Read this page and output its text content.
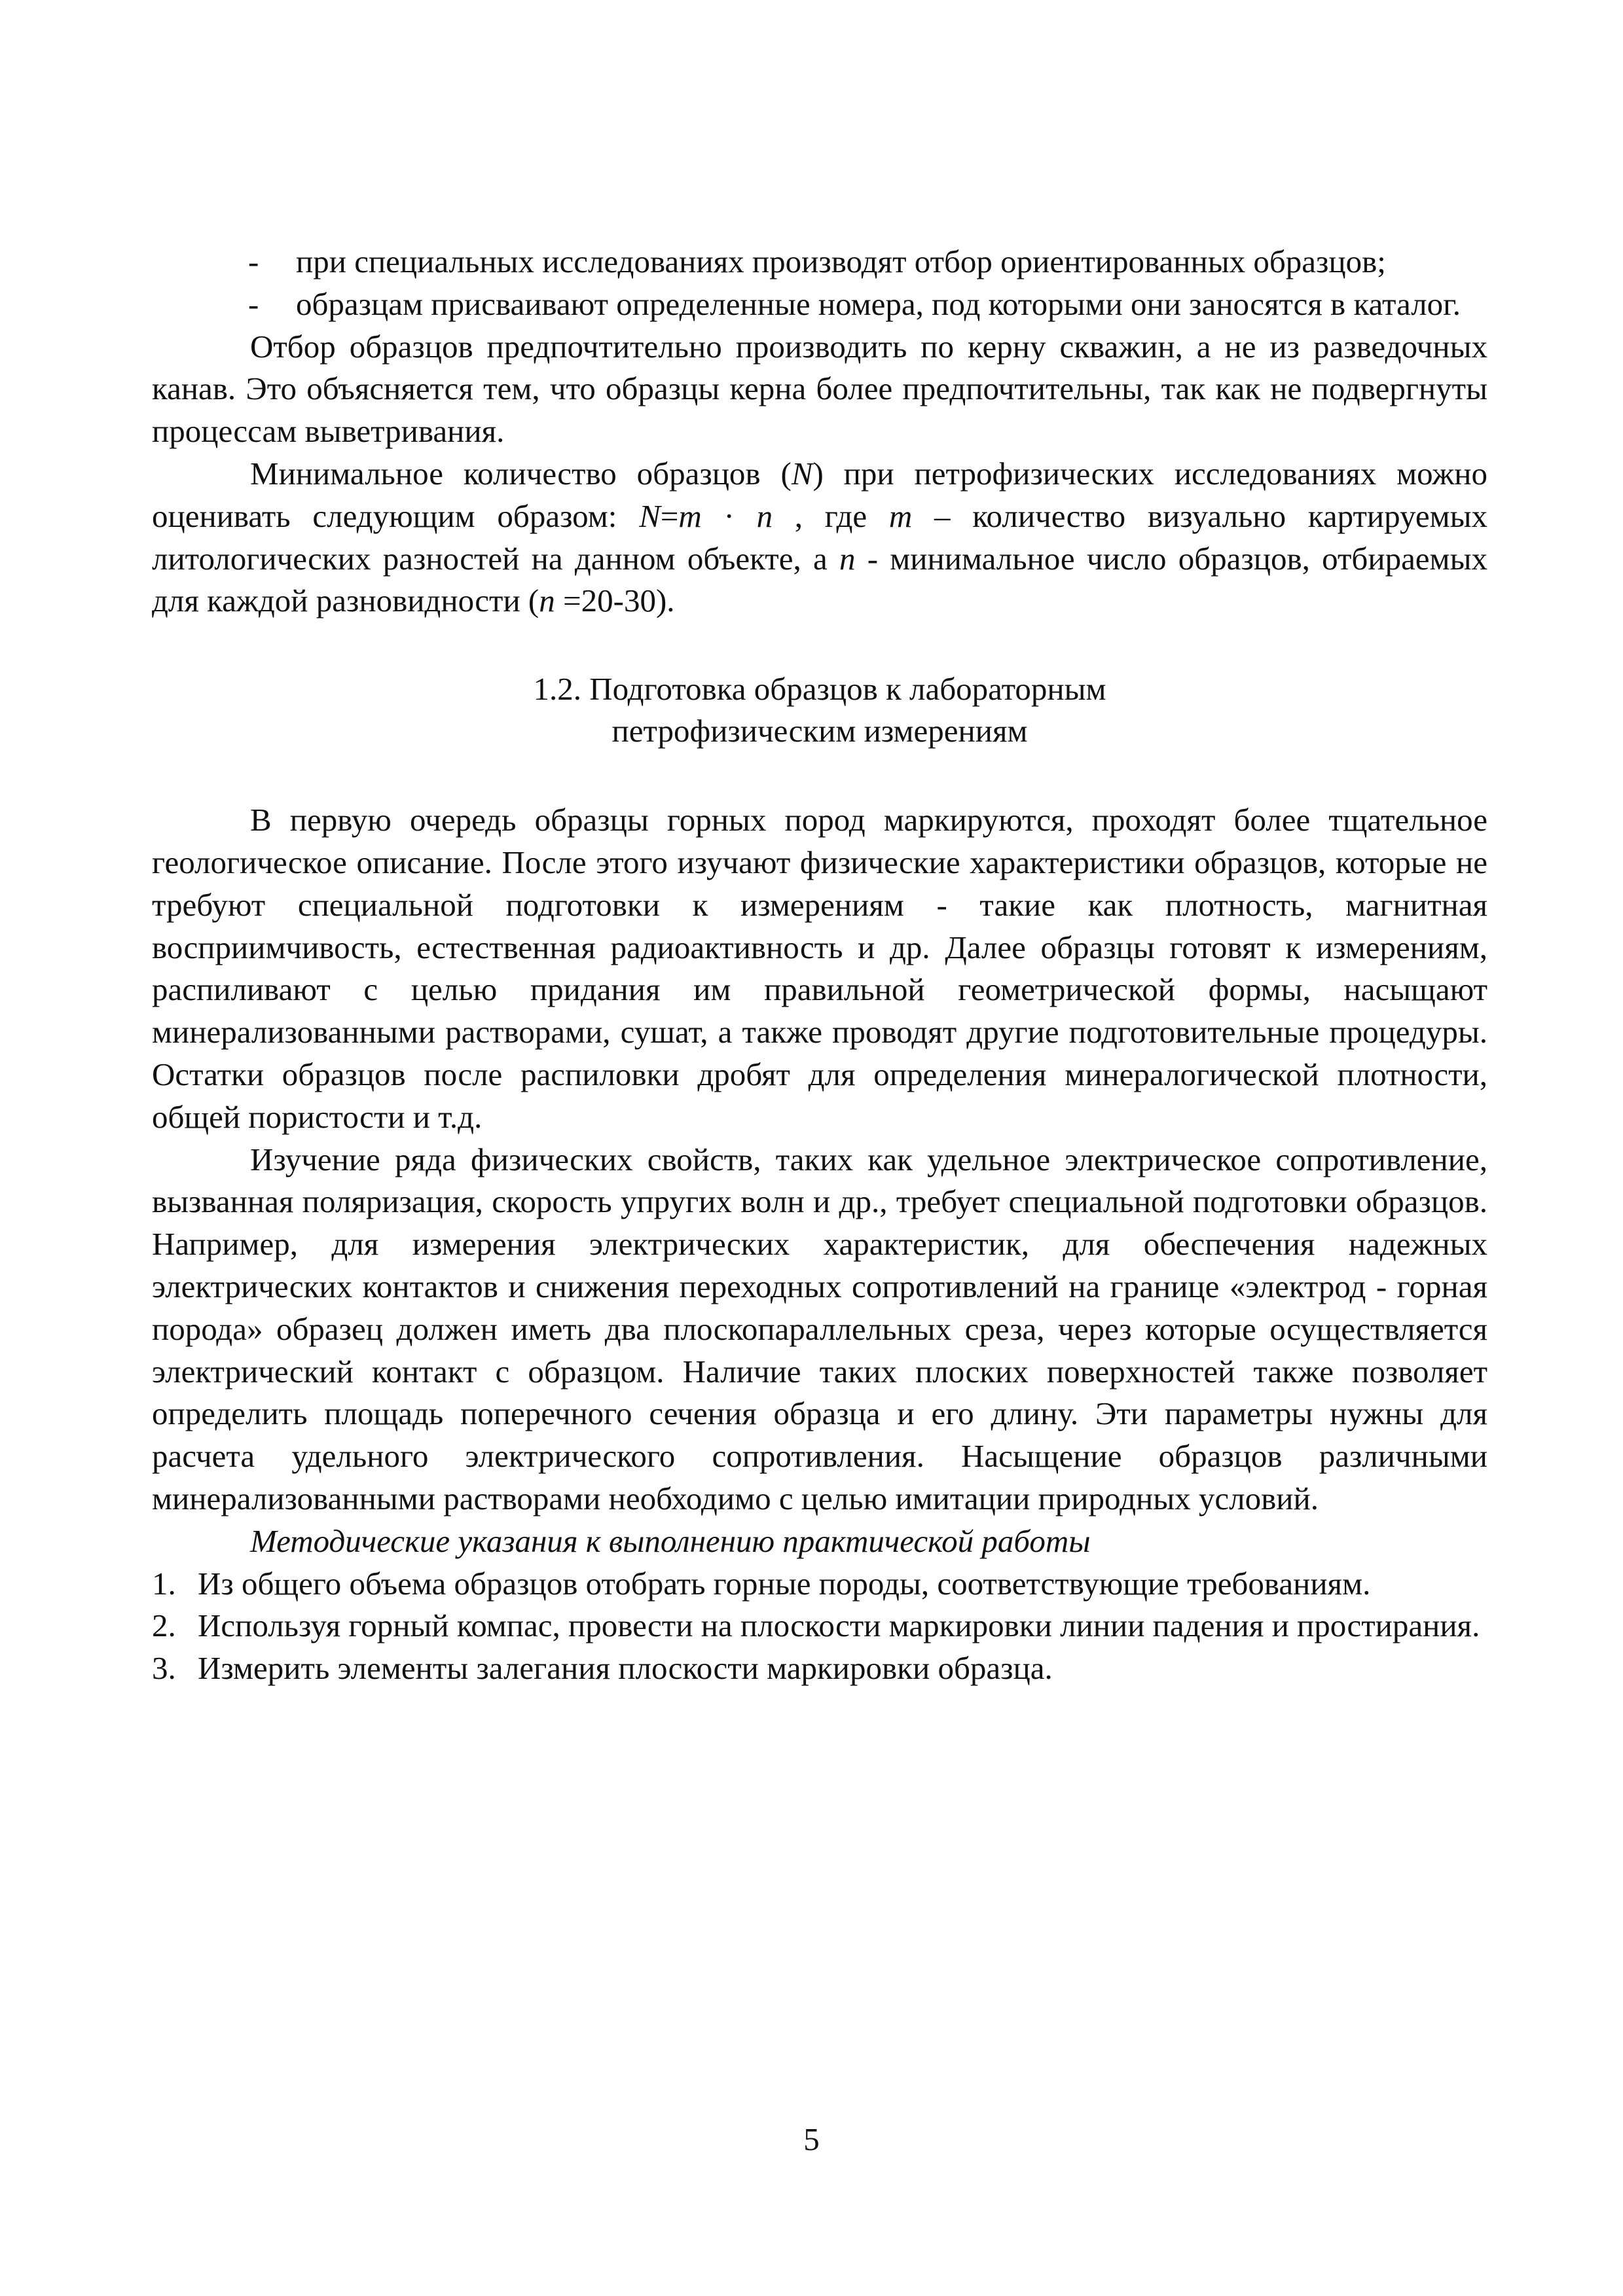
- при специальных исследованиях производят отбор ориентированных образцов;
- образцам присваивают определенные номера, под которыми они заносятся в каталог.

Отбор образцов предпочтительно производить по керну скважин, а не из разведочных канав. Это объясняется тем, что образцы керна более предпочтительны, так как не подвергнуты процессам выветривания.

Минимальное количество образцов (N) при петрофизических исследованиях можно оценивать следующим образом: N=m · n , где m – количество визуально картируемых литологических разностей на данном объекте, а n - минимальное число образцов, отбираемых для каждой разновидности (n =20-30).

1.2. Подготовка образцов к лабораторным
петрофизическим измерениям

В первую очередь образцы горных пород маркируются, проходят более тщательное геологическое описание. После этого изучают физические характеристики образцов, которые не требуют специальной подготовки к измерениям - такие как плотность, магнитная восприимчивость, естественная радиоактивность и др. Далее образцы готовят к измерениям, распиливают с целью придания им правильной геометрической формы, насыщают минерализованными растворами, сушат, а также проводят другие подготовительные процедуры. Остатки образцов после распиловки дробят для определения минералогической плотности, общей пористости и т.д.

Изучение ряда физических свойств, таких как удельное электрическое сопротивление, вызванная поляризация, скорость упругих волн и др., требует специальной подготовки образцов. Например, для измерения электрических характеристик, для обеспечения надежных электрических контактов и снижения переходных сопротивлений на границе «электрод - горная порода» образец должен иметь два плоскопараллельных среза, через которые осуществляется электрический контакт с образцом. Наличие таких плоских поверхностей также позволяет определить площадь поперечного сечения образца и его длину. Эти параметры нужны для расчета удельного электрического сопротивления. Насыщение образцов различными минерализованными растворами необходимо с целью имитации природных условий.

Методические указания к выполнению практической работы

1. Из общего объема образцов отобрать горные породы, соответствующие требованиям.
2. Используя горный компас, провести на плоскости маркировки линии падения и простирания.
3. Измерить элементы залегания плоскости маркировки образца.
5
